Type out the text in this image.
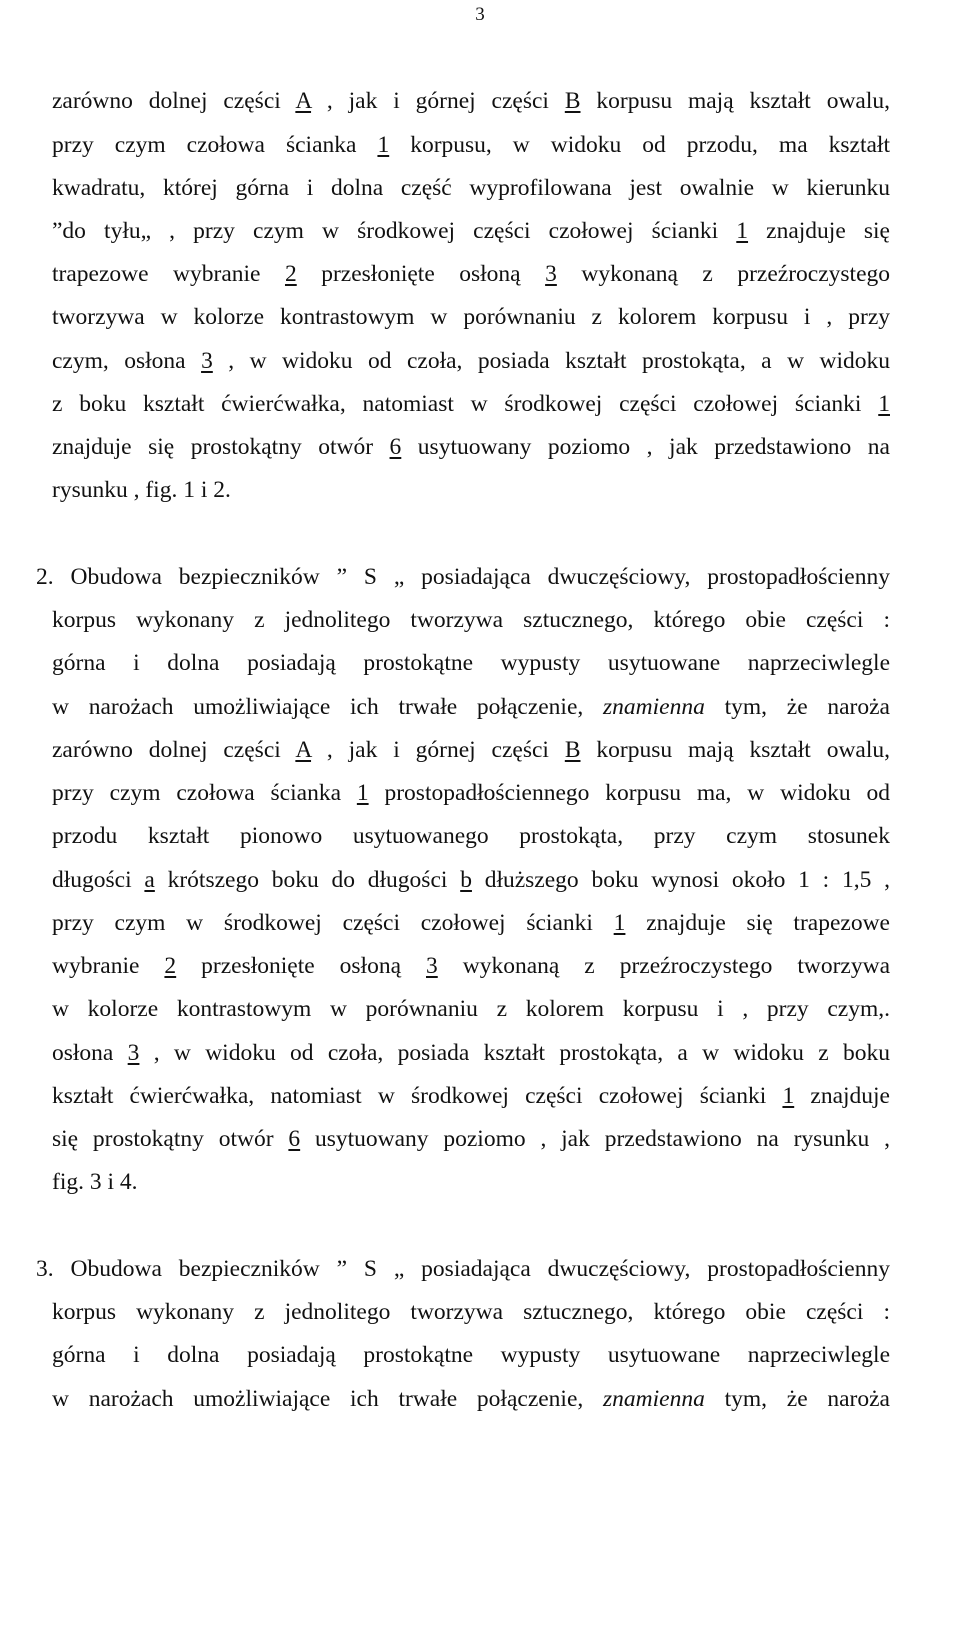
3
zarówno dolnej części A , jak i górnej części B korpusu mają kształt owalu,
przy czym czołowa ścianka 1 korpusu, w widoku od przodu, ma kształt
kwadratu, której górna i dolna część wyprofilowana jest owalnie w kierunku
”do tyłu„ , przy czym w środkowej części czołowej ścianki 1 znajduje się
trapezowe wybranie 2 przesłonięte osłoną 3 wykonaną z przeźroczystego
tworzywa w kolorze kontrastowym w porównaniu z kolorem korpusu i , przy
czym, osłona 3 , w widoku od czoła, posiada kształt prostokąta, a w widoku
z boku kształt ćwierćwałka, natomiast w środkowej części czołowej ścianki 1
znajduje się prostokątny otwór 6 usytuowany poziomo , jak przedstawiono na
rysunku , fig. 1 i 2.
2. Obudowa bezpieczników ” S „ posiadająca dwuczęściowy, prostopadłościenny
korpus wykonany z jednolitego tworzywa sztucznego, którego obie części :
górna i dolna posiadają prostokątne wypusty usytuowane naprzeciwlegle
w narożach umożliwiające ich trwałe połączenie, znamienna tym, że naroża
zarówno dolnej części A , jak i górnej części B korpusu mają kształt owalu,
przy czym czołowa ścianka 1 prostopadłościennego korpusu ma, w widoku od
przodu kształt pionowo usytuowanego prostokąta, przy czym stosunek
długości a krótszego boku do długości b dłuższego boku wynosi około 1 : 1,5 ,
przy czym w środkowej części czołowej ścianki 1 znajduje się trapezowe
wybranie 2 przesłonięte osłoną 3 wykonaną z przeźroczystego tworzywa
w kolorze kontrastowym w porównaniu z kolorem korpusu i , przy czym,.
osłona 3 , w widoku od czoła, posiada kształt prostokąta, a w widoku z boku
kształt ćwierćwałka, natomiast w środkowej części czołowej ścianki 1 znajduje
się prostokątny otwór 6 usytuowany poziomo , jak przedstawiono na rysunku ,
fig. 3 i 4.
3. Obudowa bezpieczników ” S „ posiadająca dwuczęściowy, prostopadłościenny
korpus wykonany z jednolitego tworzywa sztucznego, którego obie części :
górna i dolna posiadają prostokątne wypusty usytuowane naprzeciwlegle
w narożach umożliwiające ich trwałe połączenie, znamienna tym, że naroża
